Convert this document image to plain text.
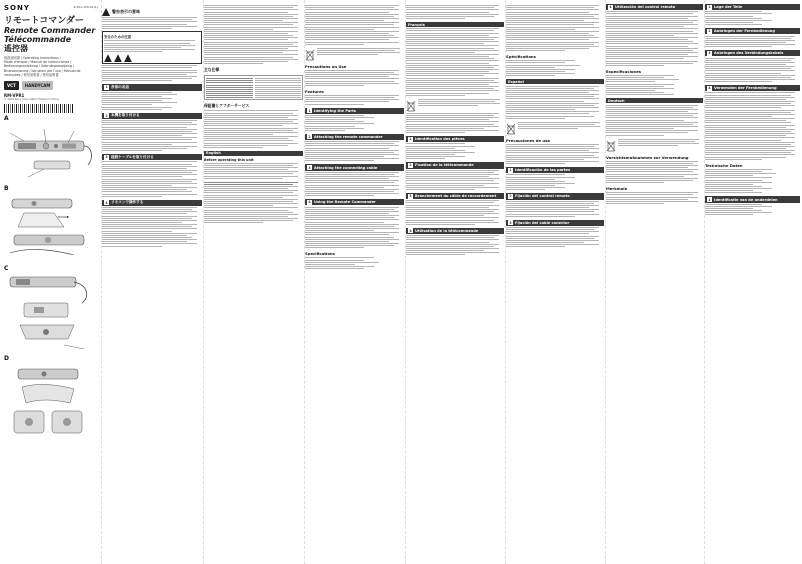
SONY	4-451-159-91(1)
リモートコマンダー
Remote Commander
Télécommande
遙控器
取扱説明書 / Operating Instructions /
Mode d'emploi / Manual de instrucciones /
Bedienungsanleitung / Gebruiksaanwijzing /
Bruksanvisning / Istruzioni per l'uso / Manual de
instruções / 使用説明書 / 使用說明書
VCT	HANDYCAM
RM-VPR1
© 2012 Sony Corporation Printed in China
A
B
C
D
警告表示の意味
安全のための注意
1 各部の名前
2 本機を取り付ける
3 接続ケーブルを取り付ける
4 リモコンで操作する
主な仕様
保証書とアフターサービス
English
Before operating this unit
Precautions on Use
Features
1 Identifying the Parts
2 Attaching the remote commander
3 Attaching the connecting cable
4 Using the Remote Commander
Specifications
Français
1 Identification des pièces
2 Fixation de la télécommande
3 Branchement du câble de raccordement
4 Utilisation de la télécommande
Spécifications
Español
Precauciones de uso
1 Identificación de las partes
2 Fijación del control remoto
3 Fijación del cable conector
4 Utilización del control remoto
Especificaciones
Deutsch
Vorsichtsmaßnahmen zur Verwendung
Merkmale
1 Lage der Teile
2 Anbringen der Fernbedienung
3 Anbringen des Verbindungskabels
4 Verwenden der Fernbedienung
Technische Daten
1 Identificatie van de onderdelen
